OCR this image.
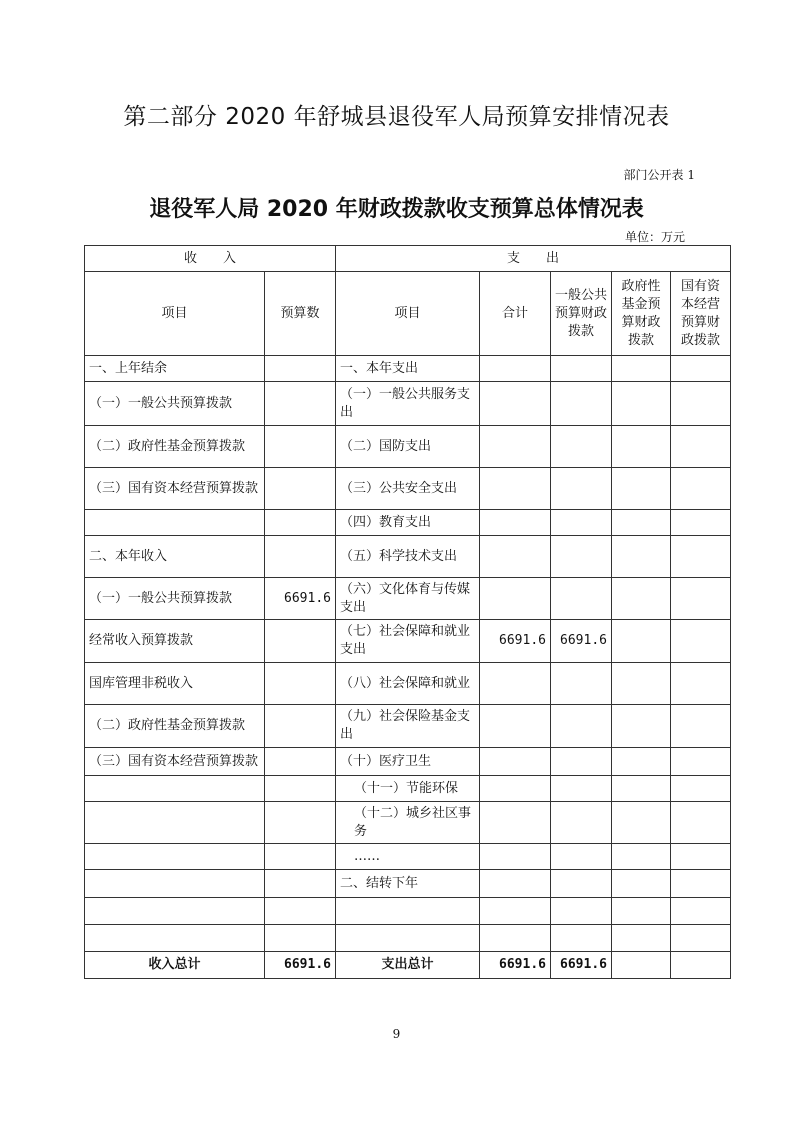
第二部分 2020 年舒城县退役军人局预算安排情况表
部门公开表 1
退役军人局 2020 年财政拨款收支预算总体情况表
单位：万元
收　　入		支　　出				
项目	预算数	项目	合计	一般公共预算财政拨款	政府性基金预算财政拨款	国有资本经营预算财政拨款
一、上年结余		一、本年支出				
（一）一般公共预算拨款		（一）一般公共服务支出				
（二）政府性基金预算拨款		（二）国防支出				
（三）国有资本经营预算拨款		（三）公共安全支出				
		（四）教育支出				
二、本年收入		（五）科学技术支出				
（一）一般公共预算拨款	6691.6	（六）文化体育与传媒支出				
经常收入预算拨款		（七）社会保障和就业支出	6691.6	6691.6		
国库管理非税收入		（八）社会保障和就业				
（二）政府性基金预算拨款		（九）社会保险基金支出				
（三）国有资本经营预算拨款		（十）医疗卫生				
		（十一）节能环保				
		（十二）城乡社区事务				
		……				
		二、结转下年				

收入总计	6691.6	支出总计	6691.6	6691.6		
9
